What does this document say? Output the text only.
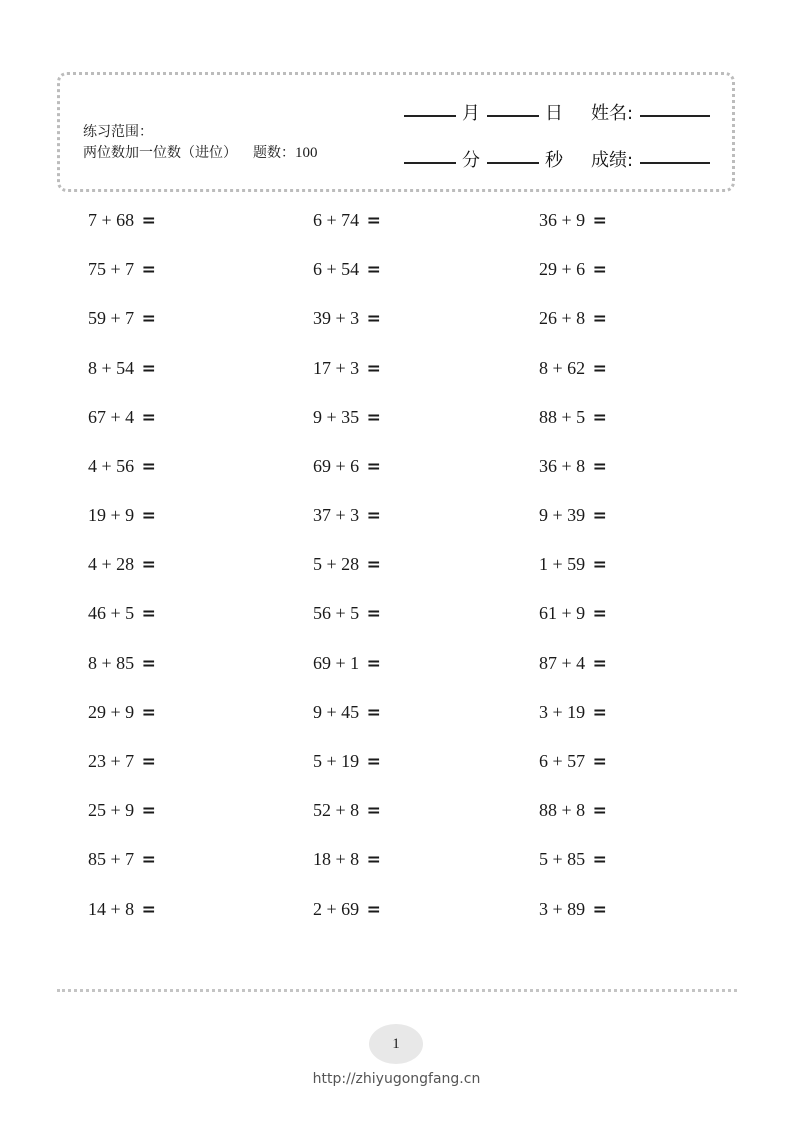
练习范围：
两位数加一位数（进位） 题数：100
月	日 姓名:
分	秒 成绩:
7 + 68 =
75 + 7 =
59 + 7 =
8 + 54 =
67 + 4 =
4 + 56 =
19 + 9 =
4 + 28 =
46 + 5 =
8 + 85 =
29 + 9 =
23 + 7 =
25 + 9 =
85 + 7 =
14 + 8 =
6 + 74 =
6 + 54 =
39 + 3 =
17 + 3 =
9 + 35 =
69 + 6 =
37 + 3 =
5 + 28 =
56 + 5 =
69 + 1 =
9 + 45 =
5 + 19 =
52 + 8 =
18 + 8 =
2 + 69 =
36 + 9 =
29 + 6 =
26 + 8 =
8 + 62 =
88 + 5 =
36 + 8 =
9 + 39 =
1 + 59 =
61 + 9 =
87 + 4 =
3 + 19 =
6 + 57 =
88 + 8 =
5 + 85 =
3 + 89 =
1
http://zhiyugongfang.cn
